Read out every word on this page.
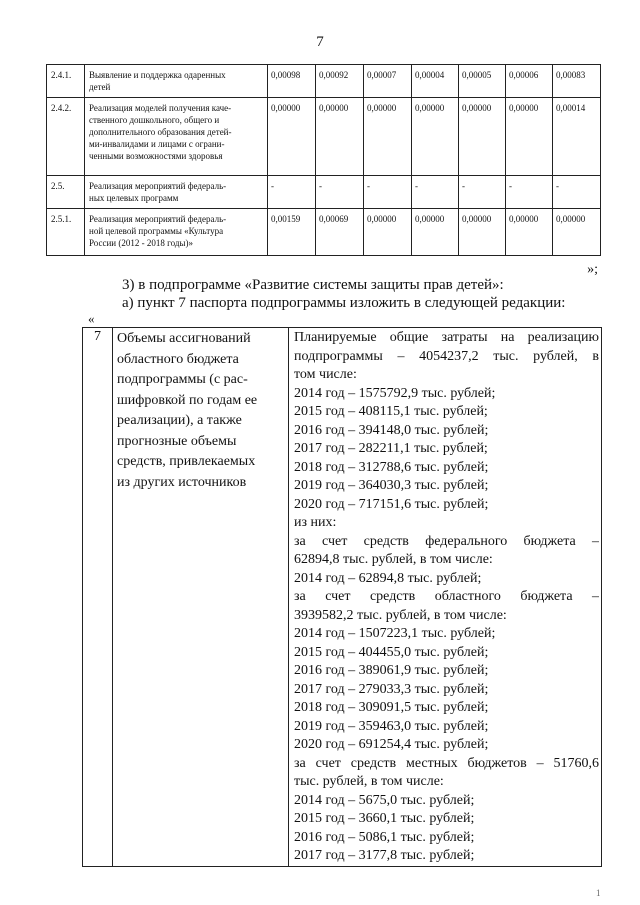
7
2.4.1.	Выявление и поддержка одаренных
детей	0,00098	0,00092	0,00007	0,00004	0,00005	0,00006	0,00083
2.4.2.	Реализация моделей получения каче-
ственного дошкольного, общего и
дополнительного образования детей-
ми-инвалидами и лицами с ограни-
ченными возможностями здоровья	0,00000	0,00000	0,00000	0,00000	0,00000	0,00000	0,00014
2.5.	Реализация мероприятий федераль-
ных целевых программ	-	-	-	-	-	-	-
2.5.1.	Реализация мероприятий федераль-
ной целевой программы «Культура
России (2012 - 2018 годы)»	0,00159	0,00069	0,00000	0,00000	0,00000	0,00000	0,00000
»;
3) в подпрограмме «Развитие системы защиты прав детей»:
а) пункт 7 паспорта подпрограммы изложить в следующей редакции:
«
7	Объемы ассигнований
областного бюджета
подпрограммы (с рас-
шифровкой по годам ее
реализации), а также
прогнозные объемы
средств, привлекаемых
из других источников

Планируемые общие затраты на реализацию
подпрограммы – 4054237,2 тыс. рублей, в
том числе:
2014 год – 1575792,9 тыс. рублей;
2015 год – 408115,1 тыс. рублей;
2016 год – 394148,0 тыс. рублей;
2017 год – 282211,1 тыс. рублей;
2018 год – 312788,6 тыс. рублей;
2019 год – 364030,3 тыс. рублей;
2020 год – 717151,6 тыс. рублей;
из них:
за счет средств федерального бюджета –
62894,8 тыс. рублей, в том числе:
2014 год – 62894,8 тыс. рублей;
за счет средств областного бюджета –
3939582,2 тыс. рублей, в том числе:
2014 год – 1507223,1 тыс. рублей;
2015 год – 404455,0 тыс. рублей;
2016 год – 389061,9 тыс. рублей;
2017 год – 279033,3 тыс. рублей;
2018 год – 309091,5 тыс. рублей;
2019 год – 359463,0 тыс. рублей;
2020 год – 691254,4 тыс. рублей;
за счет средств местных бюджетов – 51760,6
тыс. рублей, в том числе:
2014 год – 5675,0 тыс. рублей;
2015 год – 3660,1 тыс. рублей;
2016 год – 5086,1 тыс. рублей;
2017 год – 3177,8 тыс. рублей;
1
